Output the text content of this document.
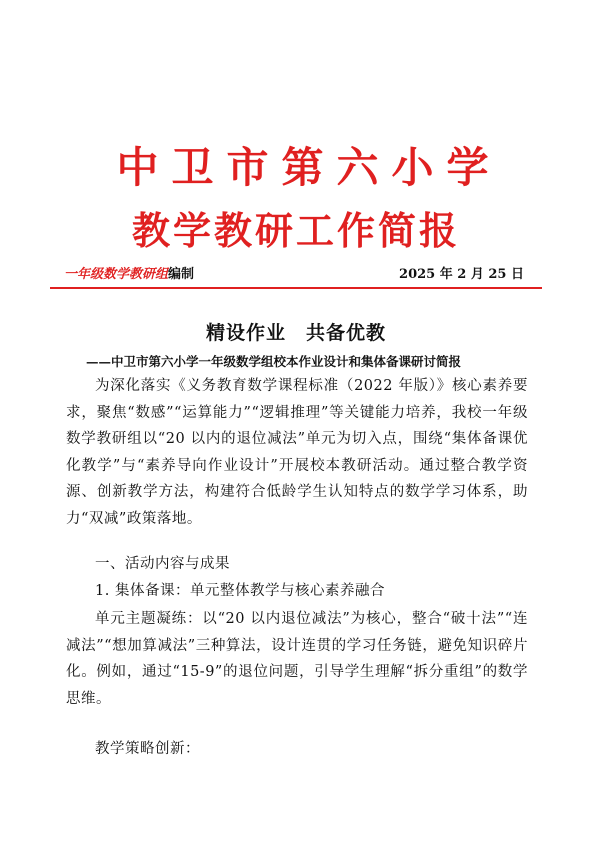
中卫市第六小学
教学教研工作简报
一年级数学教研组编制	2025 年 2 月 25 日
精设作业　共备优教

——中卫市第六小学一年级数学组校本作业设计和集体备课研讨简报

为深化落实《义务教育数学课程标准（2022 年版）》核心素养要求，聚焦“数感”“运算能力”“逻辑推理”等关键能力培养，我校一年级数学教研组以“20 以内的退位减法”单元为切入点，围绕“集体备课优化教学”与“素养导向作业设计”开展校本教研活动。通过整合教学资源、创新教学方法，构建符合低龄学生认知特点的数学学习体系，助力“双减”政策落地。

一、活动内容与成果

1. 集体备课：单元整体教学与核心素养融合

单元主题凝练：以“20 以内退位减法”为核心，整合“破十法”“连减法”“想加算减法”三种算法，设计连贯的学习任务链，避免知识碎片化。例如，通过“15-9”的退位问题，引导学生理解“拆分重组”的数学思维。

教学策略创新：
